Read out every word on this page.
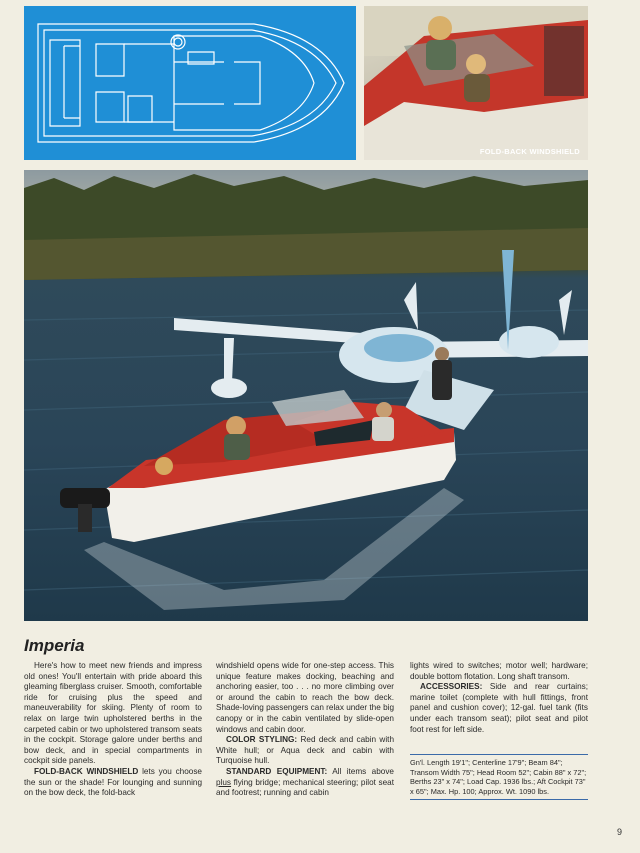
FOLD-BACK WINDSHIELD
Imperia

Here's how to meet new friends and impress old ones! You'll entertain with pride aboard this gleaming fiberglass cruiser. Smooth, comfortable ride for cruising plus the speed and maneuverability for skiing. Plenty of room to relax on large twin upholstered berths in the carpeted cabin or two upholstered transom seats in the cockpit. Storage galore under berths and bow deck, and in special compartments in cockpit side panels.

FOLD-BACK WINDSHIELD lets you choose the sun or the shade! For lounging and sunning on the bow deck, the fold-back

windshield opens wide for one-step access. This unique feature makes docking, beaching and anchoring easier, too . . . no more climbing over or around the cabin to reach the bow deck. Shade-loving passengers can relax under the big canopy or in the cabin ventilated by slide-open windows and cabin door.

COLOR STYLING: Red deck and cabin with White hull; or Aqua deck and cabin with Turquoise hull.

STANDARD EQUIPMENT: All items above plus flying bridge; mechanical steering; pilot seat and footrest; running and cabin

lights wired to switches; motor well; hardware; double bottom flotation. Long shaft transom.

ACCESSORIES: Side and rear curtains; marine toilet (complete with hull fittings, front panel and cushion cover); 12-gal. fuel tank (fits under each transom seat); pilot seat and pilot foot rest for left side.

Gn'l. Length 19'1"; Centerline 17'9"; Beam 84"; Transom Width 75"; Head Room 52"; Cabin 88" x 72"; Berths 23" x 74"; Load Cap. 1936 lbs.; Aft Cockpit 73" x 65"; Max. Hp. 100; Approx. Wt. 1090 lbs.
9
